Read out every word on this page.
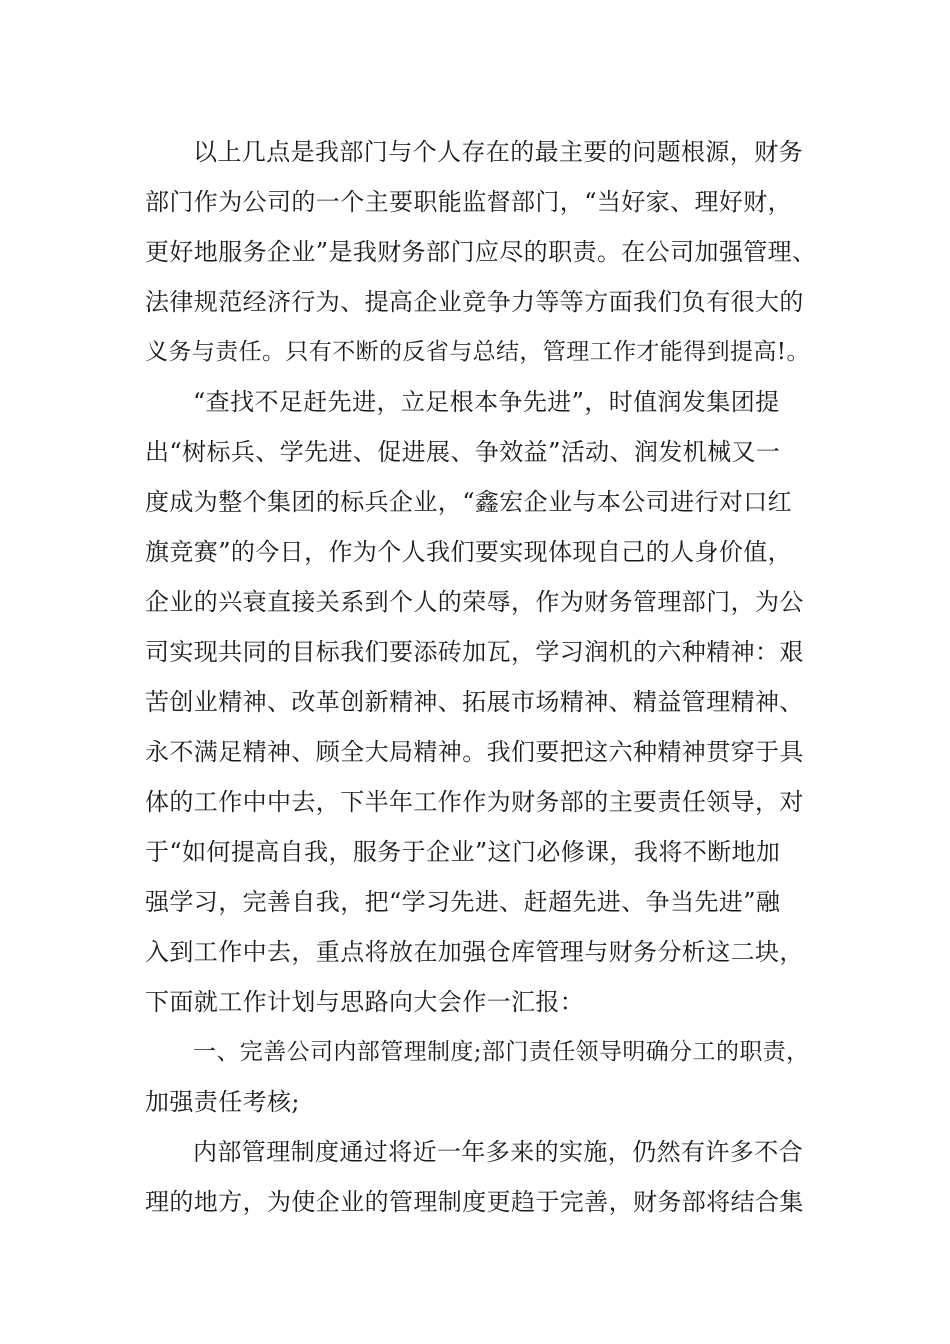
以上几点是我部门与个人存在的最主要的问题根源，财务
部门作为公司的一个主要职能监督部门，“当好家、理好财，
更好地服务企业”是我财务部门应尽的职责。在公司加强管理、
法律规范经济行为、提高企业竞争力等等方面我们负有很大的
义务与责任。只有不断的反省与总结，管理工作才能得到提高!。
“查找不足赶先进，立足根本争先进”，时值润发集团提
出“树标兵、学先进、促进展、争效益”活动、润发机械又一
度成为整个集团的标兵企业，“鑫宏企业与本公司进行对口红
旗竞赛”的今日，作为个人我们要实现体现自己的人身价值，
企业的兴衰直接关系到个人的荣辱，作为财务管理部门，为公
司实现共同的目标我们要添砖加瓦，学习润机的六种精神：艰
苦创业精神、改革创新精神、拓展市场精神、精益管理精神、
永不满足精神、顾全大局精神。我们要把这六种精神贯穿于具
体的工作中中去，下半年工作作为财务部的主要责任领导，对
于“如何提高自我，服务于企业”这门必修课，我将不断地加
强学习，完善自我，把“学习先进、赶超先进、争当先进”融
入到工作中去，重点将放在加强仓库管理与财务分析这二块，
下面就工作计划与思路向大会作一汇报：
一、完善公司内部管理制度;部门责任领导明确分工的职责，
加强责任考核;
内部管理制度通过将近一年多来的实施，仍然有许多不合
理的地方，为使企业的管理制度更趋于完善，财务部将结合集
